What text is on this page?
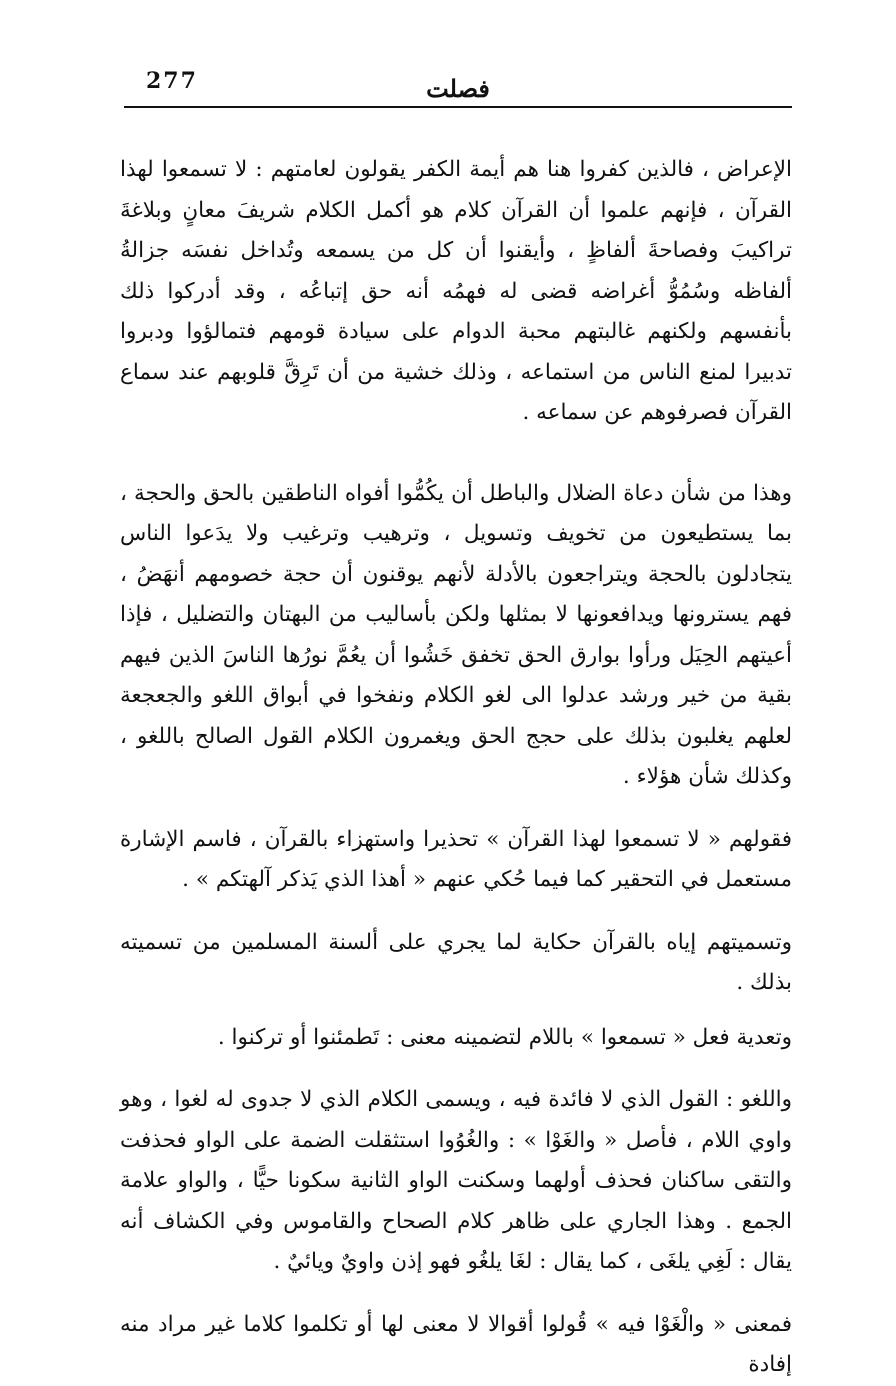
277	فصلت

الإعراض ، فالذين كفروا هنا هم أيمة الكفر يقولون لعامتهم : لا تسمعوا لهذا القرآن ، فإنهم علموا أن القرآن كلام هو أكمل الكلام شريفَ معانٍ وبلاغةَ تراكيبَ وفصاحةَ ألفاظٍ ، وأيقنوا أن كل من يسمعه وتُداخل نفسَه جزالةُ ألفاظه وسُمُوُّ أغراضه قضى له فهمُه أنه حق إتباعُه ، وقد أدركوا ذلك بأنفسهم ولكنهم غالبتهم محبة الدوام على سيادة قومهم فتمالؤوا ودبروا تدبيرا لمنع الناس من استماعه ، وذلك خشية من أن تَرِقَّ قلوبهم عند سماع القرآن فصرفوهم عن سماعه .

وهذا من شأن دعاة الضلال والباطل أن يكُمُّوا أفواه الناطقين بالحق والحجة ، بما يستطيعون من تخويف وتسويل ، وترهيب وترغيب ولا يدَعوا الناس يتجادلون بالحجة ويتراجعون بالأدلة لأنهم يوقنون أن حجة خصومهم أنهَضُ ، فهم يسترونها ويدافعونها لا بمثلها ولكن بأساليب من البهتان والتضليل ، فإذا أعيتهم الحِيَل ورأوا بوارق الحق تخفق خَشُوا أن يعُمَّ نورُها الناسَ الذين فيهم بقية من خير ورشد عدلوا الى لغو الكلام ونفخوا في أبواق اللغو والجعجعة لعلهم يغلبون بذلك على حجج الحق ويغمرون الكلام القول الصالح باللغو ، وكذلك شأن هؤلاء .

فقولهم « لا تسمعوا لهذا القرآن » تحذيرا واستهزاء بالقرآن ، فاسم الإشارة مستعمل في التحقير كما فيما حُكي عنهم « أهذا الذي يَذكر آلهتكم » .

وتسميتهم إياه بالقرآن حكاية لما يجري على ألسنة المسلمين من تسميته بذلك .

وتعدية فعل « تسمعوا » باللام لتضمينه معنى : تَطمئنوا أو تركنوا .

واللغو : القول الذي لا فائدة فيه ، ويسمى الكلام الذي لا جدوى له لغوا ، وهو واوي اللام ، فأصل « والغَوْا » : والغُوُوا استثقلت الضمة على الواو فحذفت والتقى ساكنان فحذف أولهما وسكنت الواو الثانية سكونا حيًّا ، والواو علامة الجمع . وهذا الجاري على ظاهر كلام الصحاح والقاموس وفي الكشاف أنه يقال : لَغِي يلغَى ، كما يقال : لغَا يلغُو فهو إذن واويٌ ويائيٌ .

فمعنى « والْغَوْا فيه » قُولوا أقوالا لا معنى لها أو تكلموا كلاما غير مراد منه إفادة
